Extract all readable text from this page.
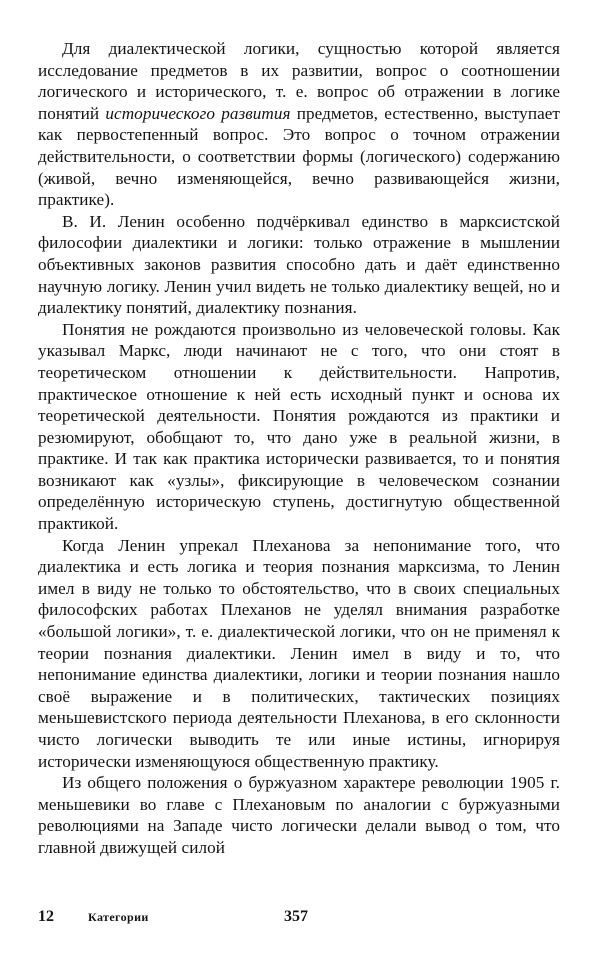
Для диалектической логики, сущностью которой является исследование предметов в их развитии, вопрос о соотношении логического и исторического, т. е. вопрос об отражении в логике понятий исторического развития предметов, естественно, выступает как первостепенный вопрос. Это вопрос о точном отражении действительности, о соответствии формы (логического) содержанию (живой, вечно изменяющейся, вечно развивающейся жизни, практике).

В. И. Ленин особенно подчёркивал единство в марксистской философии диалектики и логики: только отражение в мышлении объективных законов развития способно дать и даёт единственно научную логику. Ленин учил видеть не только диалектику вещей, но и диалектику понятий, диалектику познания.

Понятия не рождаются произвольно из человеческой головы. Как указывал Маркс, люди начинают не с того, что они стоят в теоретическом отношении к действительности. Напротив, практическое отношение к ней есть исходный пункт и основа их теоретической деятельности. Понятия рождаются из практики и резюмируют, обобщают то, что дано уже в реальной жизни, в практике. И так как практика исторически развивается, то и понятия возникают как «узлы», фиксирующие в человеческом сознании определённую историческую ступень, достигнутую общественной практикой.

Когда Ленин упрекал Плеханова за непонимание того, что диалектика и есть логика и теория познания марксизма, то Ленин имел в виду не только то обстоятельство, что в своих специальных философских работах Плеханов не уделял внимания разработке «большой логики», т. е. диалектической логики, что он не применял к теории познания диалектики. Ленин имел в виду и то, что непонимание единства диалектики, логики и теории познания нашло своё выражение и в политических, тактических позициях меньшевистского периода деятельности Плеханова, в его склонности чисто логически выводить те или иные истины, игнорируя исторически изменяющуюся общественную практику.

Из общего положения о буржуазном характере революции 1905 г. меньшевики во главе с Плехановым по аналогии с буржуазными революциями на Западе чисто логически делали вывод о том, что главной движущей силой

12	Категории	357
